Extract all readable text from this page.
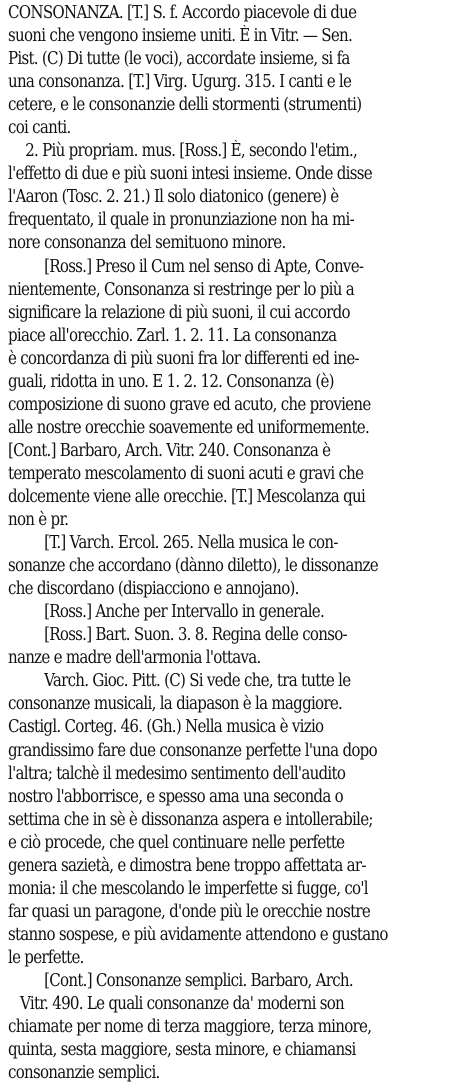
CONSONANZA. [T.] S. f. Accordo piacevole di due
suoni che vengono insieme uniti. È in Vitr. — Sen.
Pist. (C) Di tutte (le voci), accordate insieme, si fa
una consonanza. [T.] Virg. Ugurg. 315. I canti e le
cetere, e le consonanzie delli stormenti (strumenti)
coi canti.
2. Più propriam. mus. [Ross.] È, secondo l'etim.,
l'effetto di due e più suoni intesi insieme. Onde disse
l'Aaron (Tosc. 2. 21.) Il solo diatonico (genere) è
frequentato, il quale in pronunziazione non ha mi-
nore consonanza del semituono minore.
[Ross.] Preso il Cum nel senso di Apte, Conve-
nientemente, Consonanza si restringe per lo più a
significare la relazione di più suoni, il cui accordo
piace all'orecchio. Zarl. 1. 2. 11. La consonanza
è concordanza di più suoni fra lor differenti ed ine-
guali, ridotta in uno. E 1. 2. 12. Consonanza (è)
composizione di suono grave ed acuto, che proviene
alle nostre orecchie soavemente ed uniformemente.
[Cont.] Barbaro, Arch. Vitr. 240. Consonanza è
temperato mescolamento di suoni acuti e gravi che
dolcemente viene alle orecchie. [T.] Mescolanza qui
non è pr.
[T.] Varch. Ercol. 265. Nella musica le con-
sonanze che accordano (dànno diletto), le dissonanze
che discordano (dispiacciono e annojano).
[Ross.] Anche per Intervallo in generale.
[Ross.] Bart. Suon. 3. 8. Regina delle conso-
nanze e madre dell'armonia l'ottava.
Varch. Gioc. Pitt. (C) Si vede che, tra tutte le
consonanze musicali, la diapason è la maggiore.
Castigl. Corteg. 46. (Gh.) Nella musica è vizio
grandissimo fare due consonanze perfette l'una dopo
l'altra; talchè il medesimo sentimento dell'audito
nostro l'abborrisce, e spesso ama una seconda o
settima che in sè è dissonanza aspera e intollerabile;
e ciò procede, che quel continuare nelle perfette
genera sazietà, e dimostra bene troppo affettata ar-
monia: il che mescolando le imperfette si fugge, co'l
far quasi un paragone, d'onde più le orecchie nostre
stanno sospese, e più avidamente attendono e gustano
le perfette.
[Cont.] Consonanze semplici. Barbaro, Arch.
Vitr. 490. Le quali consonanze da' moderni son
chiamate per nome di terza maggiore, terza minore,
quinta, sesta maggiore, sesta minore, e chiamansi
consonanzie semplici.
